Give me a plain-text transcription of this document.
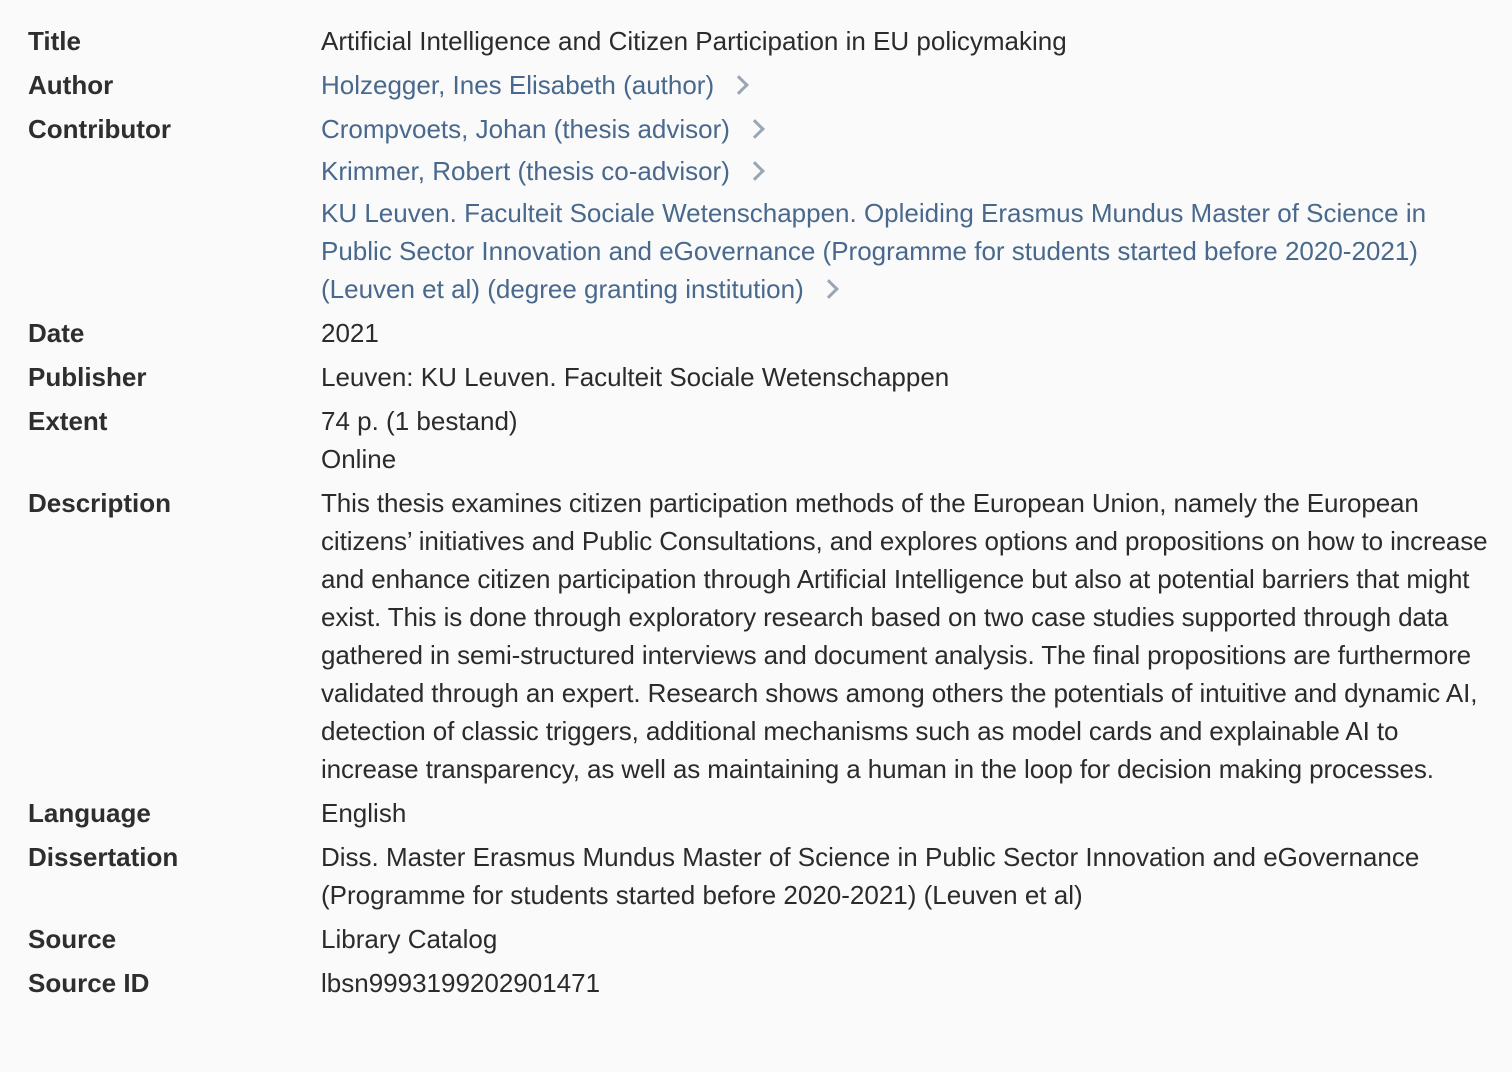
Title	Artificial Intelligence and Citizen Participation in EU policymaking
Author	Holzegger, Ines Elisabeth (author)
Contributor	Crompvoets, Johan (thesis advisor)
Krimmer, Robert (thesis co-advisor)
KU Leuven. Faculteit Sociale Wetenschappen. Opleiding Erasmus Mundus Master of Science in Public Sector Innovation and eGovernance (Programme for students started before 2020-2021) (Leuven et al) (degree granting institution)
Date	2021
Publisher	Leuven: KU Leuven. Faculteit Sociale Wetenschappen
Extent	74 p. (1 bestand)
Online
Description	This thesis examines citizen participation methods of the European Union, namely the European citizens’ initiatives and Public Consultations, and explores options and propositions on how to increase and enhance citizen participation through Artificial Intelligence but also at potential barriers that might exist. This is done through exploratory research based on two case studies supported through data gathered in semi-structured interviews and document analysis. The final propositions are furthermore validated through an expert. Research shows among others the potentials of intuitive and dynamic AI, detection of classic triggers, additional mechanisms such as model cards and explainable AI to increase transparency, as well as maintaining a human in the loop for decision making processes.
Language	English
Dissertation	Diss. Master Erasmus Mundus Master of Science in Public Sector Innovation and eGovernance (Programme for students started before 2020-2021) (Leuven et al)
Source	Library Catalog
Source ID	lbsn9993199202901471
